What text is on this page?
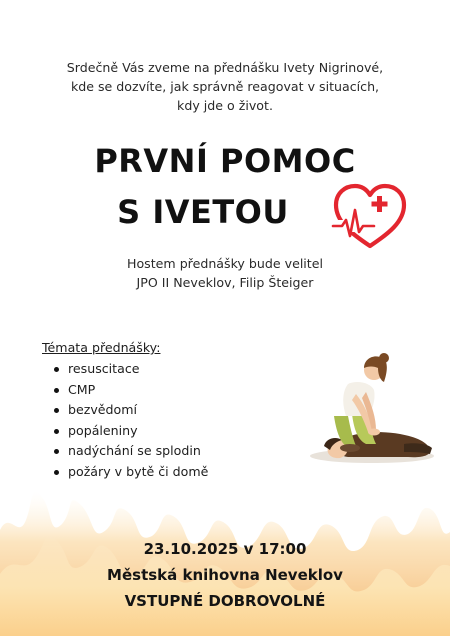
Srdečně Vás zveme na přednášku Ivety Nigrinové,
kde se dozvíte, jak správně reagovat v situacích,
kdy jde o život.
PRVNÍ POMOC
S IVETOU
Hostem přednášky bude velitel
JPO II Neveklov, Filip Šteiger
Témata přednášky:
resuscitace
CMP
bezvědomí
popáleniny
nadýchání se splodin
požáry v bytě či domě
23.10.2025 v 17:00
Městská knihovna Neveklov
VSTUPNÉ DOBROVOLNÉ
